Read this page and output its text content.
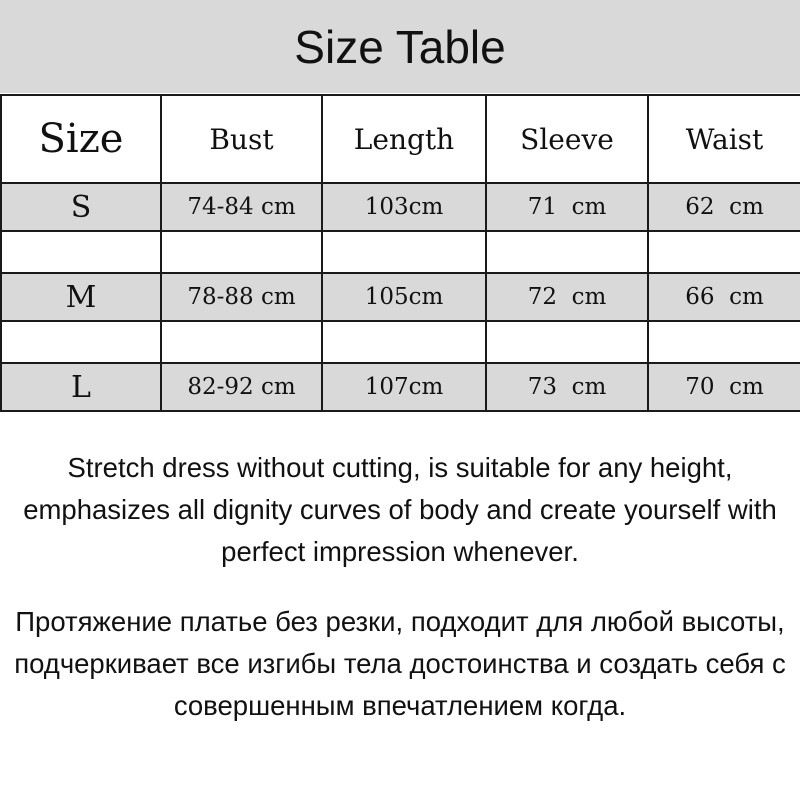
Size Table
Size	Bust	Length	Sleeve	Waist
S	74-84 cm	103cm	71  cm	62  cm

M	78-88 cm	105cm	72  cm	66  cm

L	82-92 cm	107cm	73  cm	70  cm

Stretch dress without cutting, is suitable for any height, emphasizes all dignity curves of body and create yourself with perfect impression whenever.

Протяжение платье без резки, подходит для любой высоты, подчеркивает все изгибы тела достоинства и создать себя с совершенным впечатлением когда.
